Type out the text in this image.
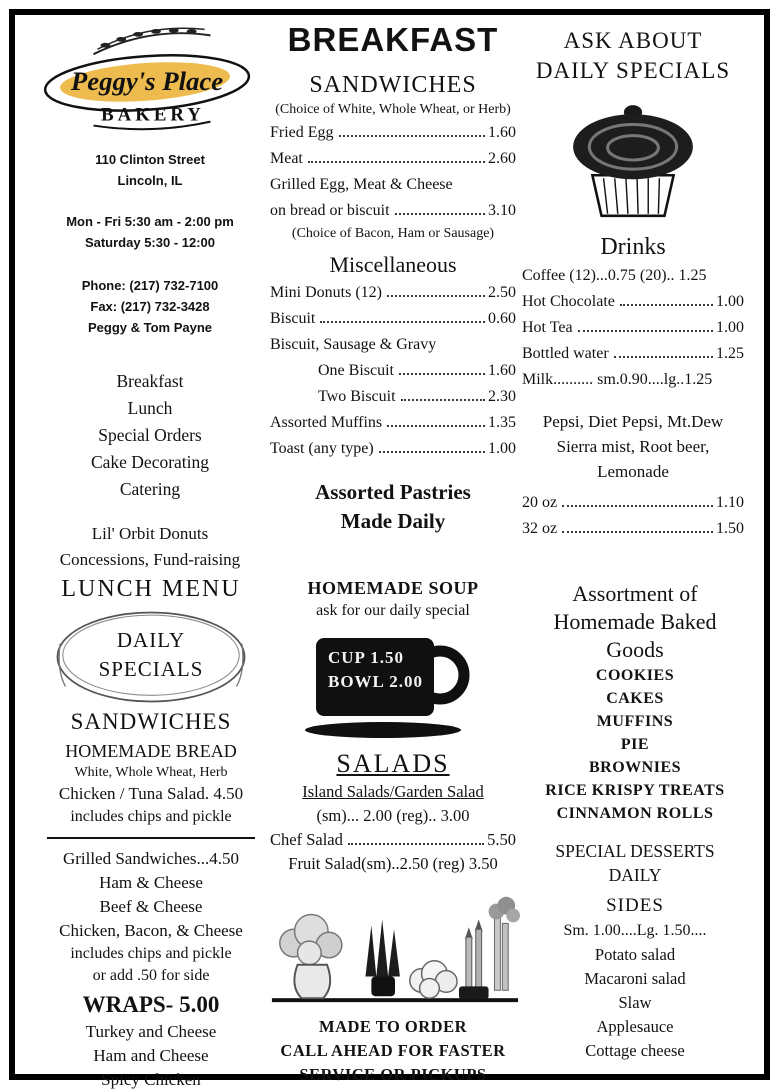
Peggy's Place
BAKERY
110 Clinton Street
Lincoln, IL
Mon - Fri 5:30 am - 2:00 pm
Saturday 5:30 - 12:00
Phone: (217) 732-7100
Fax: (217) 732-3428
Peggy & Tom Payne
Breakfast
Lunch
Special Orders
Cake Decorating
Catering
Lil' Orbit Donuts
Concessions, Fund-raising
BREAKFAST
SANDWICHES
(Choice of White, Whole Wheat, or Herb)
Fried Egg	1.60
Meat	2.60
Grilled Egg, Meat & Cheese
on bread or biscuit	3.10
(Choice of Bacon, Ham or Sausage)
Miscellaneous
Mini Donuts (12)	2.50
Biscuit	0.60
Biscuit, Sausage & Gravy
One Biscuit	1.60
Two Biscuit	2.30
Assorted Muffins	1.35
Toast (any type)	1.00
Assorted Pastries
Made Daily
ASK ABOUT
DAILY SPECIALS
Drinks
Coffee (12)...0.75 (20).. 1.25
Hot Chocolate	1.00
Hot Tea	1.00
Bottled water	1.25
Milk.......... sm.0.90....lg..1.25
Pepsi, Diet Pepsi, Mt.Dew
Sierra mist, Root beer,
Lemonade
20 oz	1.10
32 oz	1.50
LUNCH MENU
DAILY
SPECIALS
SANDWICHES
HOMEMADE BREAD
White, Whole Wheat, Herb
Chicken / Tuna Salad. 4.50
includes chips and pickle
Grilled Sandwiches...4.50
Ham & Cheese
Beef & Cheese
Chicken, Bacon, & Cheese
includes chips and pickle
or add .50 for side
WRAPS- 5.00
Turkey and Cheese
Ham and Cheese
Spicy Chicken
HOMEMADE SOUP
ask for our daily special
CUP 1.50
BOWL 2.00
SALADS
Island Salads/Garden Salad
(sm)... 2.00 (reg).. 3.00
Chef Salad	5.50
Fruit Salad(sm)..2.50 (reg) 3.50
MADE TO ORDER
CALL AHEAD FOR FASTER
SERVICE OR PICKUPS
Assortment of
Homemade Baked
Goods
COOKIES
CAKES
MUFFINS
PIE
BROWNIES
RICE KRISPY TREATS
CINNAMON ROLLS
SPECIAL DESSERTS
DAILY
SIDES
Sm. 1.00....Lg. 1.50....
Potato salad
Macaroni salad
Slaw
Applesauce
Cottage cheese
